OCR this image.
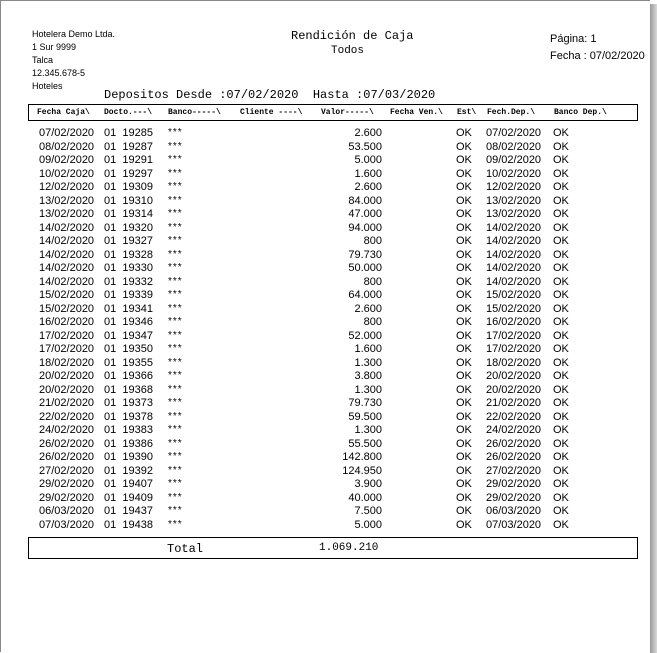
Hotelera Demo Ltda.
1 Sur 9999
Talca
12.345.678-5
Hoteles
Rendición de Caja
Todos
Página: 1
Fecha : 07/02/2020
Depositos Desde :07/02/2020  Hasta :07/03/2020
Fecha Caja\ Docto.---\ Banco-----\ Cliente ----\ Valor-----\ Fecha Ven.\ Est\ Fech.Dep.\ Banco Dep.\
07/02/2020 01  19285 ***	2.600	OK 07/02/2020 OK
08/02/2020 01  19287 ***	53.500	OK 08/02/2020 OK
09/02/2020 01  19291 ***	5.000	OK 09/02/2020 OK
10/02/2020 01  19297 ***	1.600	OK 10/02/2020 OK
12/02/2020 01  19309 ***	2.600	OK 12/02/2020 OK
13/02/2020 01  19310 ***	84.000	OK 13/02/2020 OK
13/02/2020 01  19314 ***	47.000	OK 13/02/2020 OK
14/02/2020 01  19320 ***	94.000	OK 14/02/2020 OK
14/02/2020 01  19327 ***	800	OK 14/02/2020 OK
14/02/2020 01  19328 ***	79.730	OK 14/02/2020 OK
14/02/2020 01  19330 ***	50.000	OK 14/02/2020 OK
14/02/2020 01  19332 ***	800	OK 14/02/2020 OK
15/02/2020 01  19339 ***	64.000	OK 15/02/2020 OK
15/02/2020 01  19341 ***	2.600	OK 15/02/2020 OK
16/02/2020 01  19346 ***	800	OK 16/02/2020 OK
17/02/2020 01  19347 ***	52.000	OK 17/02/2020 OK
17/02/2020 01  19350 ***	1.600	OK 17/02/2020 OK
18/02/2020 01  19355 ***	1.300	OK 18/02/2020 OK
20/02/2020 01  19366 ***	3.800	OK 20/02/2020 OK
20/02/2020 01  19368 ***	1.300	OK 20/02/2020 OK
21/02/2020 01  19373 ***	79.730	OK 21/02/2020 OK
22/02/2020 01  19378 ***	59.500	OK 22/02/2020 OK
24/02/2020 01  19383 ***	1.300	OK 24/02/2020 OK
26/02/2020 01  19386 ***	55.500	OK 26/02/2020 OK
26/02/2020 01  19390 ***	142.800	OK 26/02/2020 OK
27/02/2020 01  19392 ***	124.950	OK 27/02/2020 OK
29/02/2020 01  19407 ***	3.900	OK 29/02/2020 OK
29/02/2020 01  19409 ***	40.000	OK 29/02/2020 OK
06/03/2020 01  19437 ***	7.500	OK 06/03/2020 OK
07/03/2020 01  19438 ***	5.000	OK 07/03/2020 OK
Total	1.069.210
